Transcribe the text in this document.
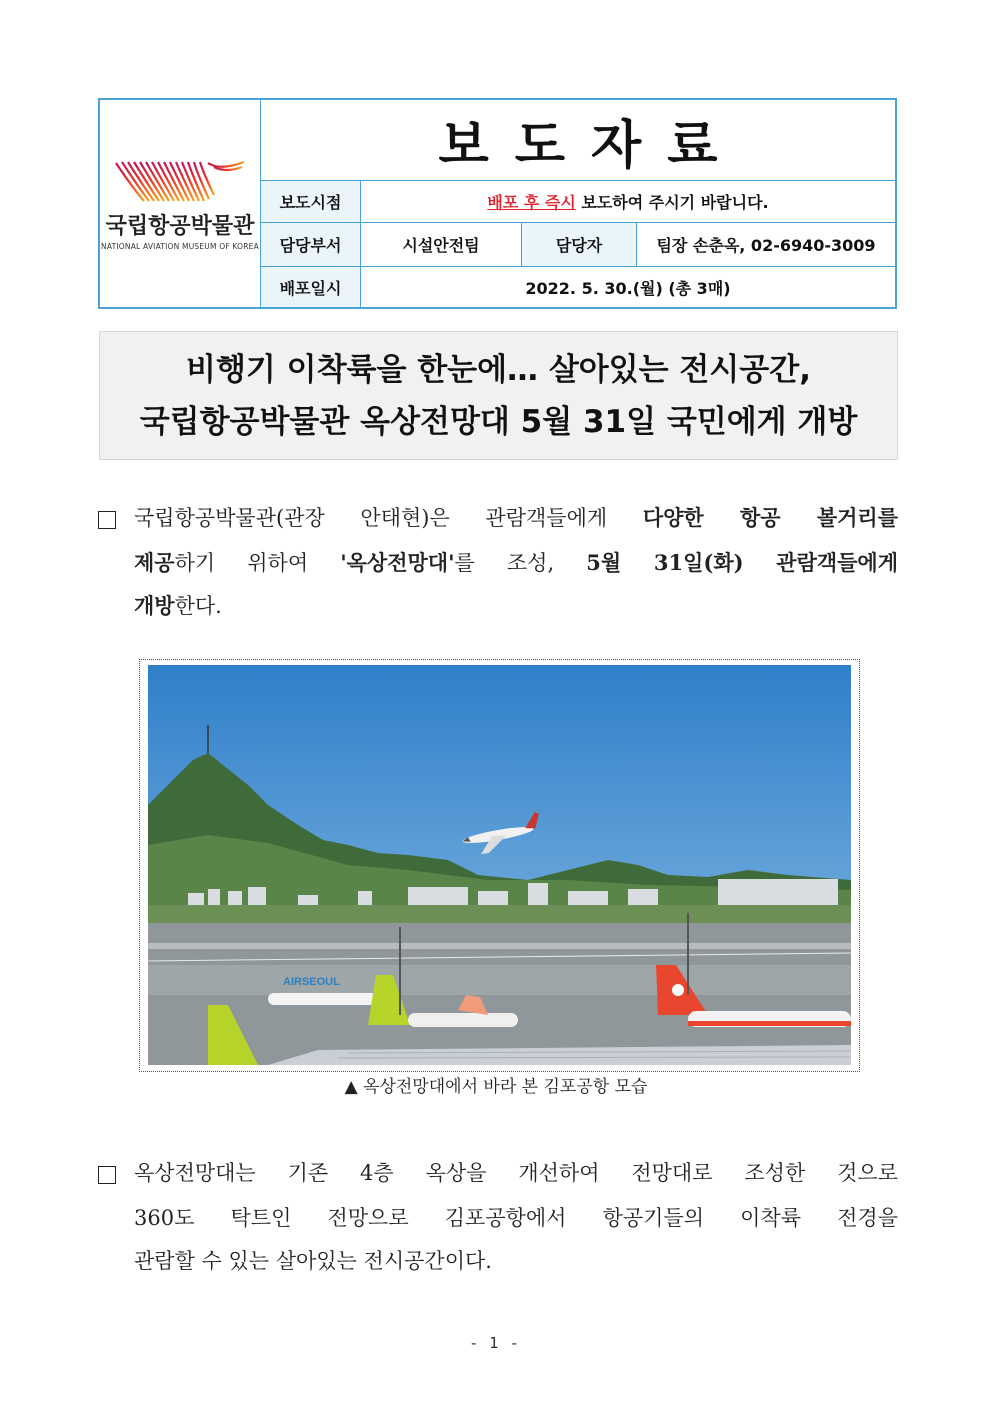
국립항공박물관
NATIONAL AVIATION MUSEUM OF KOREA
보도자료
보도시점	배포 후 즉시 보도하여 주시기 바랍니다.
담당부서	시설안전팀	담당자	팀장 손춘옥, 02-6940-3009
배포일시	2022. 5. 30.(월) (총 3매)
비행기 이착륙을 한눈에… 살아있는 전시공간,
국립항공박물관 옥상전망대 5월 31일 국민에게 개방
국립항공박물관(관장 안태현)은 관람객들에게 다양한 항공 볼거리를
제공하기 위하여 '옥상전망대'를 조성, 5월 31일(화) 관람객들에게
개방한다.
AIRSEOUL
▲ 옥상전망대에서 바라 본 김포공항 모습
옥상전망대는 기존 4층 옥상을 개선하여 전망대로 조성한 것으로
360도 탁트인 전망으로 김포공항에서 항공기들의 이착륙 전경을
관람할 수 있는 살아있는 전시공간이다.
- 1 -
